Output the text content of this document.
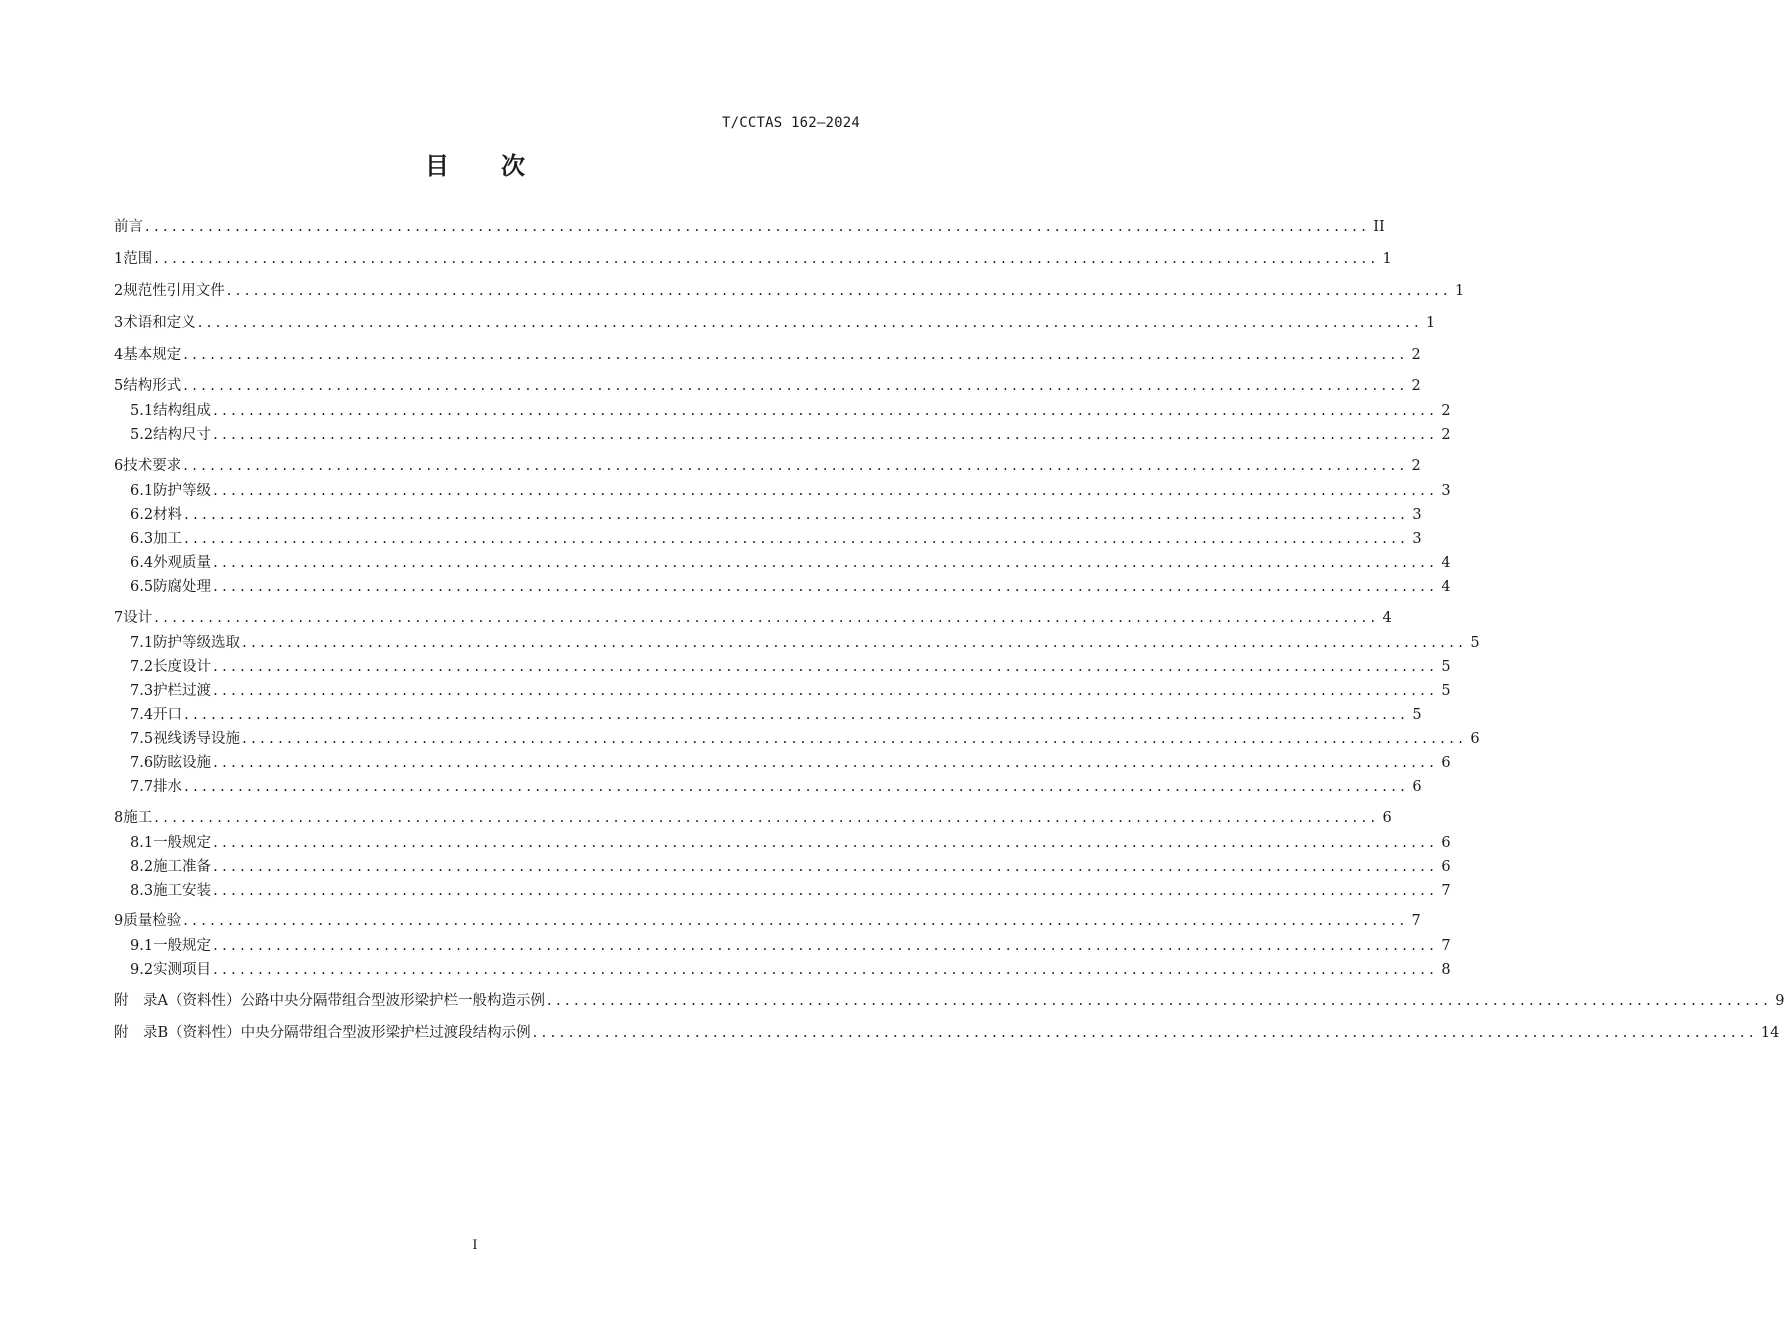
T/CCTAS 162—2024
目 次
前 言 ........................................................................................................................................ II
1 范围 ........................................................................................................................................ 1
2 规范性引用文件 ........................................................................................................................................ 1
3 术语和定义 ........................................................................................................................................ 1
4 基本规定 ........................................................................................................................................ 2
5 结构形式 ........................................................................................................................................ 2
5.1 结构组成 ........................................................................................................................................ 2
5.2 结构尺寸 ........................................................................................................................................ 2
6 技术要求 ........................................................................................................................................ 2
6.1 防护等级 ........................................................................................................................................ 3
6.2 材料 ........................................................................................................................................ 3
6.3 加工 ........................................................................................................................................ 3
6.4 外观质量 ........................................................................................................................................ 4
6.5 防腐处理 ........................................................................................................................................ 4
7 设计 ........................................................................................................................................ 4
7.1 防护等级选取 ........................................................................................................................................ 5
7.2 长度设计 ........................................................................................................................................ 5
7.3 护栏过渡 ........................................................................................................................................ 5
7.4 开口 ........................................................................................................................................ 5
7.5 视线诱导设施 ........................................................................................................................................ 6
7.6 防眩设施 ........................................................................................................................................ 6
7.7 排水 ........................................................................................................................................ 6
8 施工 ........................................................................................................................................ 6
8.1 一般规定 ........................................................................................................................................ 6
8.2 施工准备 ........................................................................................................................................ 6
8.3 施工安装 ........................................................................................................................................ 7
9 质量检验 ........................................................................................................................................ 7
9.1 一般规定 ........................................................................................................................................ 7
9.2 实测项目 ........................................................................................................................................ 8
附　录 A （资料性）公路中央分隔带组合型波形梁护栏一般构造示例 ........................................................................................................................................ 9
附　录 B （资料性）中央分隔带组合型波形梁护栏过渡段结构示例 ........................................................................................................................................ 14
I
